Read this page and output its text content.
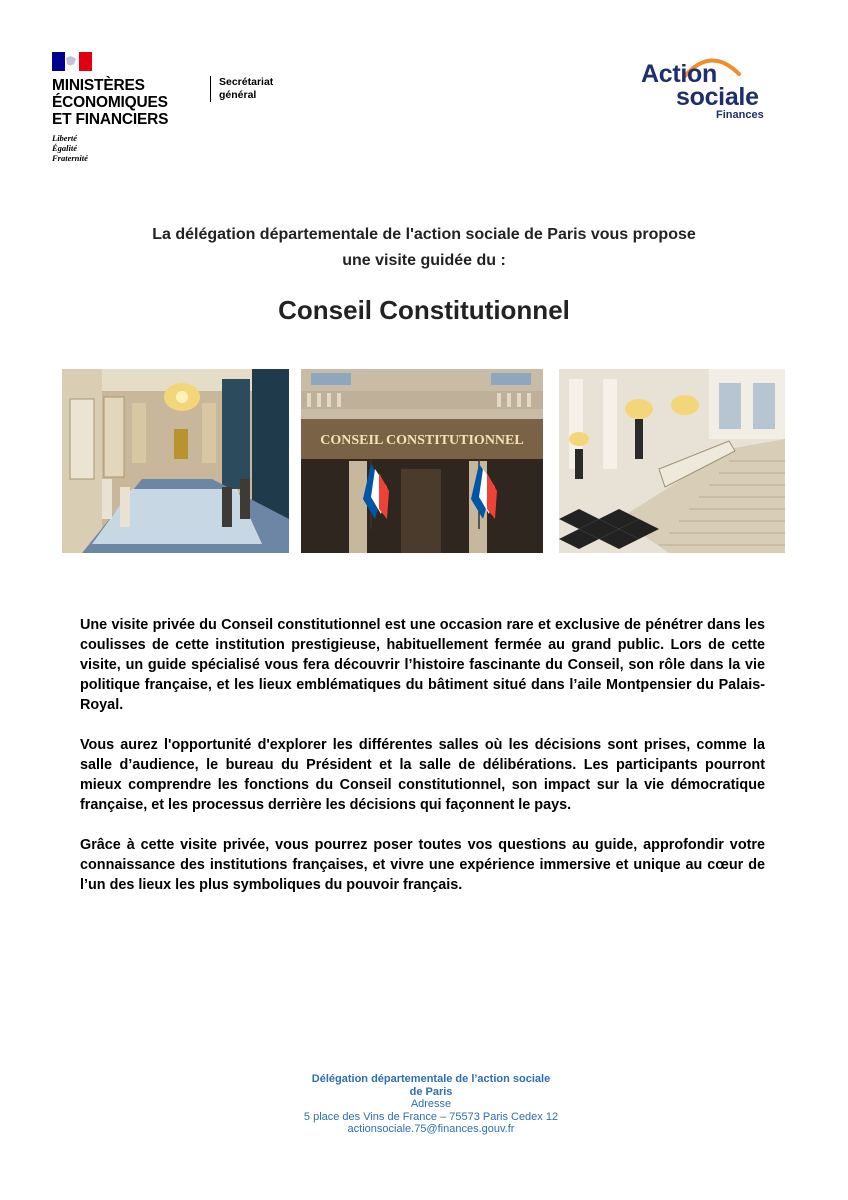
MINISTÈRES
ÉCONOMIQUES
ET FINANCIERS
Liberté
Égalité
Fraternité
Secrétariat
général
Action
sociale
Finances
La délégation départementale de l'action sociale de Paris vous propose
une visite guidée du :
Conseil Constitutionnel
CONSEIL CONSTITUTIONNEL

Une visite privée du Conseil constitutionnel est une occasion rare et exclusive de pénétrer dans les coulisses de cette institution prestigieuse, habituellement fermée au grand public. Lors de cette visite, un guide spécialisé vous fera découvrir l’histoire fascinante du Conseil, son rôle dans la vie politique française, et les lieux emblématiques du bâtiment situé dans l’aile Montpensier du Palais-Royal.

Vous aurez l'opportunité d'explorer les différentes salles où les décisions sont prises, comme la salle d’audience, le bureau du Président et la salle de délibérations. Les participants pourront mieux comprendre les fonctions du Conseil constitutionnel, son impact sur la vie démocratique française, et les processus derrière les décisions qui façonnent le pays.

Grâce à cette visite privée, vous pourrez poser toutes vos questions au guide, approfondir votre connaissance des institutions françaises, et vivre une expérience immersive et unique au cœur de l’un des lieux les plus symboliques du pouvoir français.

Délégation départementale de l’action sociale
de Paris
Adresse
5 place des Vins de France – 75573 Paris Cedex 12
actionsociale.75@finances.gouv.fr
